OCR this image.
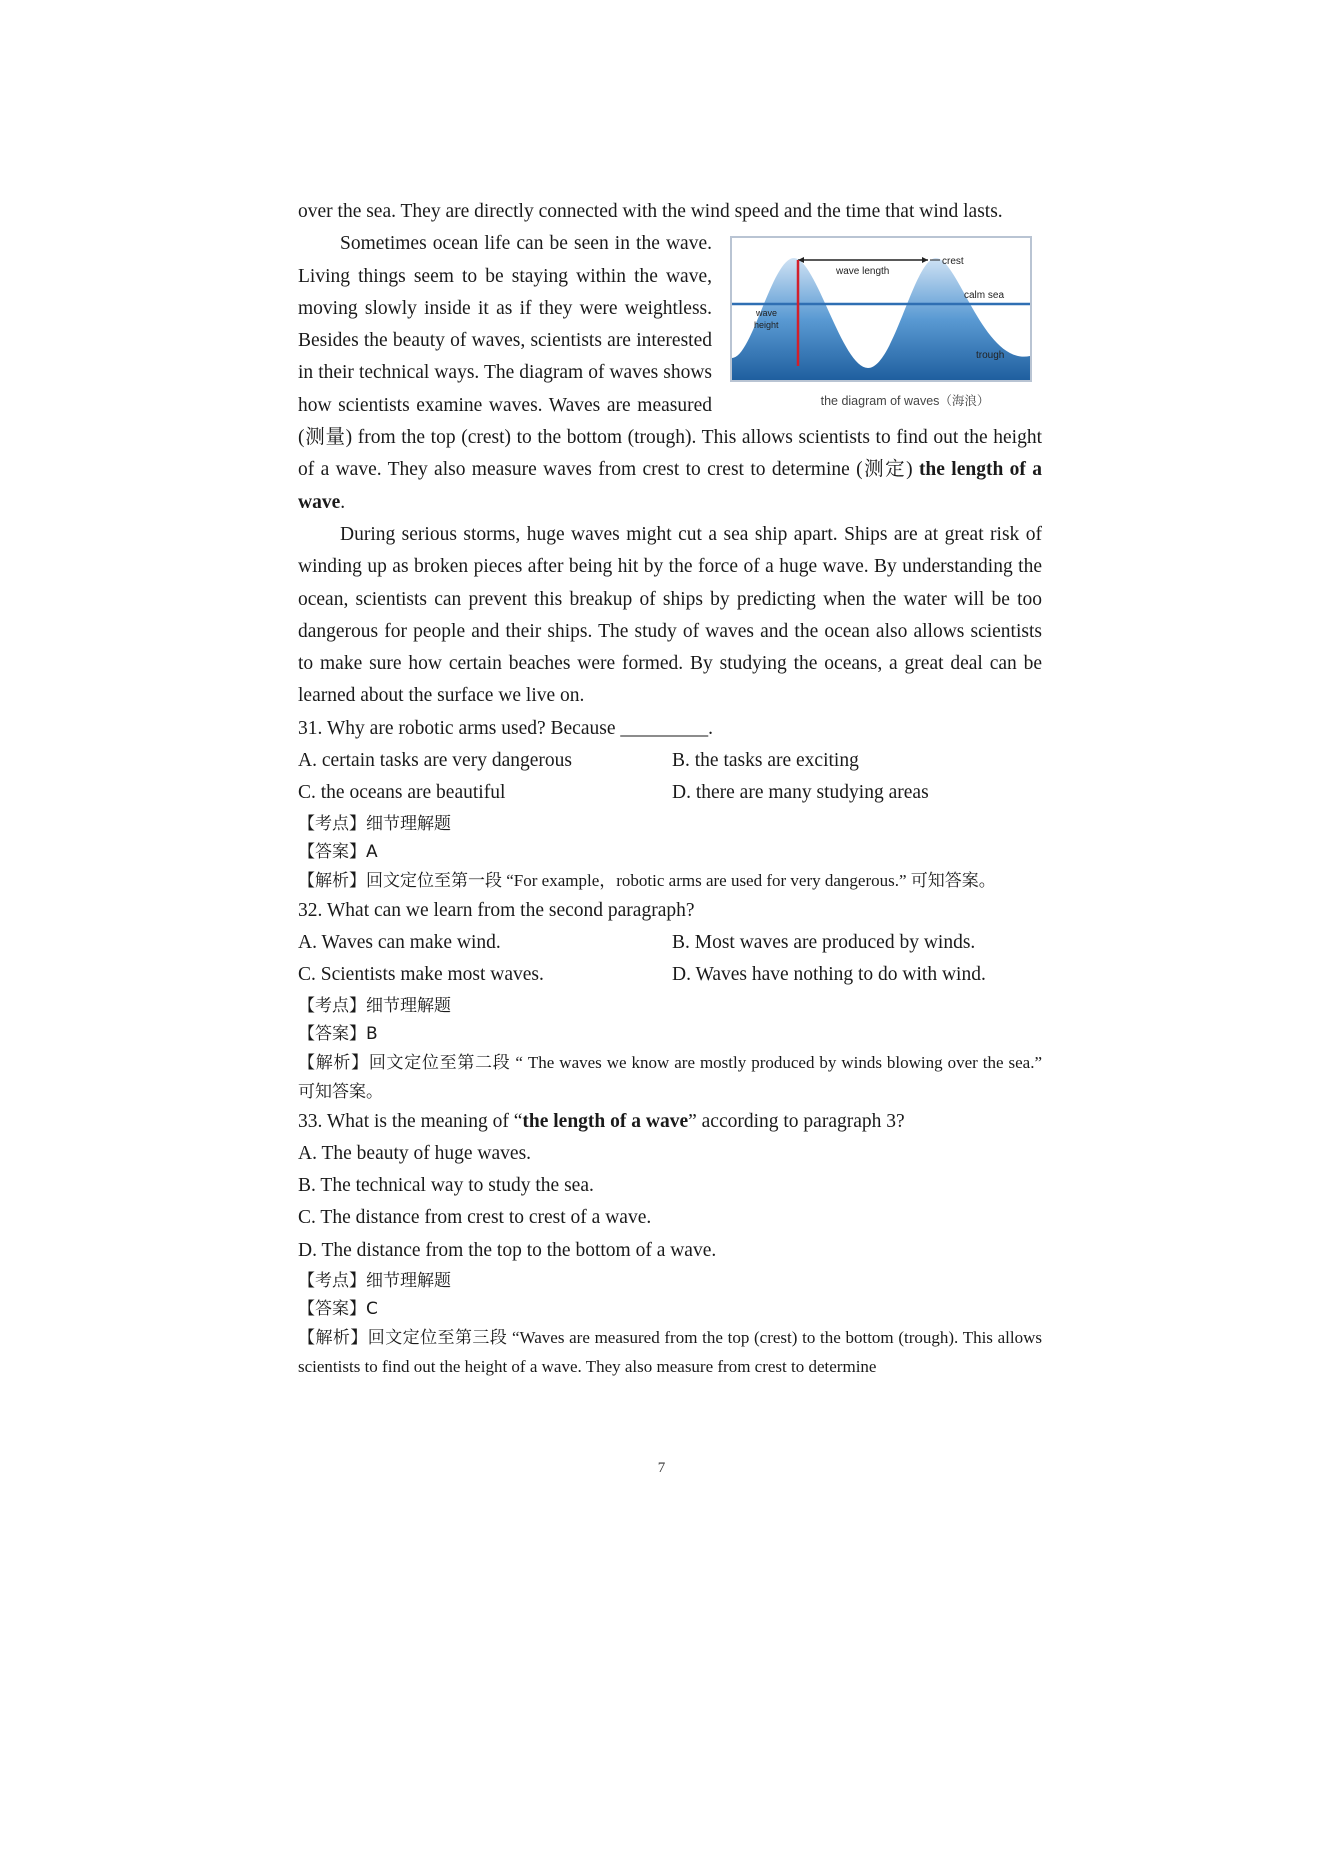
over the sea. They are directly connected with the wind speed and the time that wind lasts.

wave length
crest
calm sea
wave
height
trough
the diagram of waves（海浪）
Sometimes ocean life can be seen in the wave. Living things seem to be staying within the wave, moving slowly inside it as if they were weightless. Besides the beauty of waves, scientists are interested in their technical ways. The diagram of waves shows how scientists examine waves. Waves are measured (测量) from the top (crest) to the bottom (trough). This allows scientists to find out the height of a wave. They also measure waves from crest to crest to determine (测定) the length of a wave.

During serious storms, huge waves might cut a sea ship apart. Ships are at great risk of winding up as broken pieces after being hit by the force of a huge wave. By understanding the ocean, scientists can prevent this breakup of ships by predicting when the water will be too dangerous for people and their ships. The study of waves and the ocean also allows scientists to make sure how certain beaches were formed. By studying the oceans, a great deal can be learned about the surface we live on.

31. Why are robotic arms used? Because _________.

A. certain tasks are very dangerous	B. the tasks are exciting
C. the oceans are beautiful	D. there are many studying areas
【考点】细节理解题
【答案】A

【解析】回文定位至第一段 “For example，robotic arms are used for very dangerous.” 可知答案。

32. What can we learn from the second paragraph?

A. Waves can make wind.	B. Most waves are produced by winds.
C. Scientists make most waves.	D. Waves have nothing to do with wind.
【考点】细节理解题
【答案】B

【解析】回文定位至第二段 “ The waves we know are mostly produced by winds blowing over the sea.” 可知答案。

33. What is the meaning of “the length of a wave” according to paragraph 3?

A. The beauty of huge waves.

B. The technical way to study the sea.

C. The distance from crest to crest of a wave.

D. The distance from the top to the bottom of a wave.

【考点】细节理解题
【答案】C

【解析】回文定位至第三段 “Waves are measured from the top (crest) to the bottom (trough). This allows scientists to find out the height of a wave. They also measure from crest to determine

7
